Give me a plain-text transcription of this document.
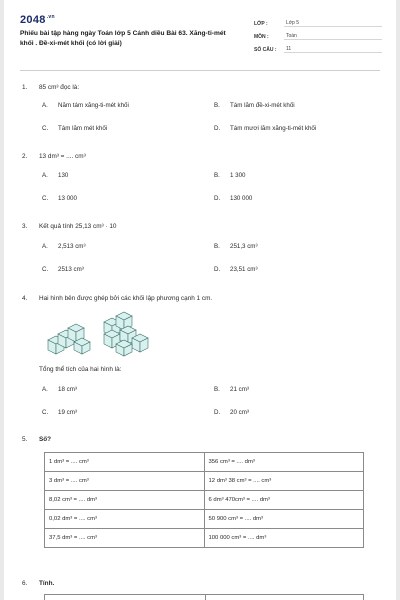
$2048^{.vn}$
Phiếu bài tập hàng ngày Toán lớp 5 Cánh diều Bài 63. Xăng-ti-mét khối . Đề-xi-mét khối (có lời giải)
LỚP :	Lớp 5
MÔN :	Toán
SỐ CÂU :	11
1. 85 cm³ đọc là:
A. Năm tám xăng-ti-mét khối	B. Tám lăm đề-xi-mét khối
C. Tám lăm mét khối	D. Tám mươi lăm xăng-ti-mét khối
2. 13 dm³ = .... cm³
A. 130	B. 1 300
C. 13 000	D. 130 000
3. Kết quả tính 25,13 cm³ · 10
A. 2,513 cm³	B. 251,3 cm³
C. 2513 cm³	D. 23,51 cm³
4. Hai hình bên được ghép bởi các khối lập phương cạnh 1 cm.
Tổng thể tích của hai hình là:
A. 18 cm³	B. 21 cm³
C. 19 cm³	D. 20 cm³
5. Số?
1 dm³ = .... cm³	356 cm³ = .... dm³
3 dm³ = .... cm³	12 dm³ 38 cm³ = .... cm³
8,02 cm³ = .... dm³	6 dm³ 470cm³ = .... dm³
0,02 dm³ = .... cm³	50 900 cm³ = .... dm³
37,5 dm³ = .... cm³	100 000 cm³ = .... dm³
6. Tính.
